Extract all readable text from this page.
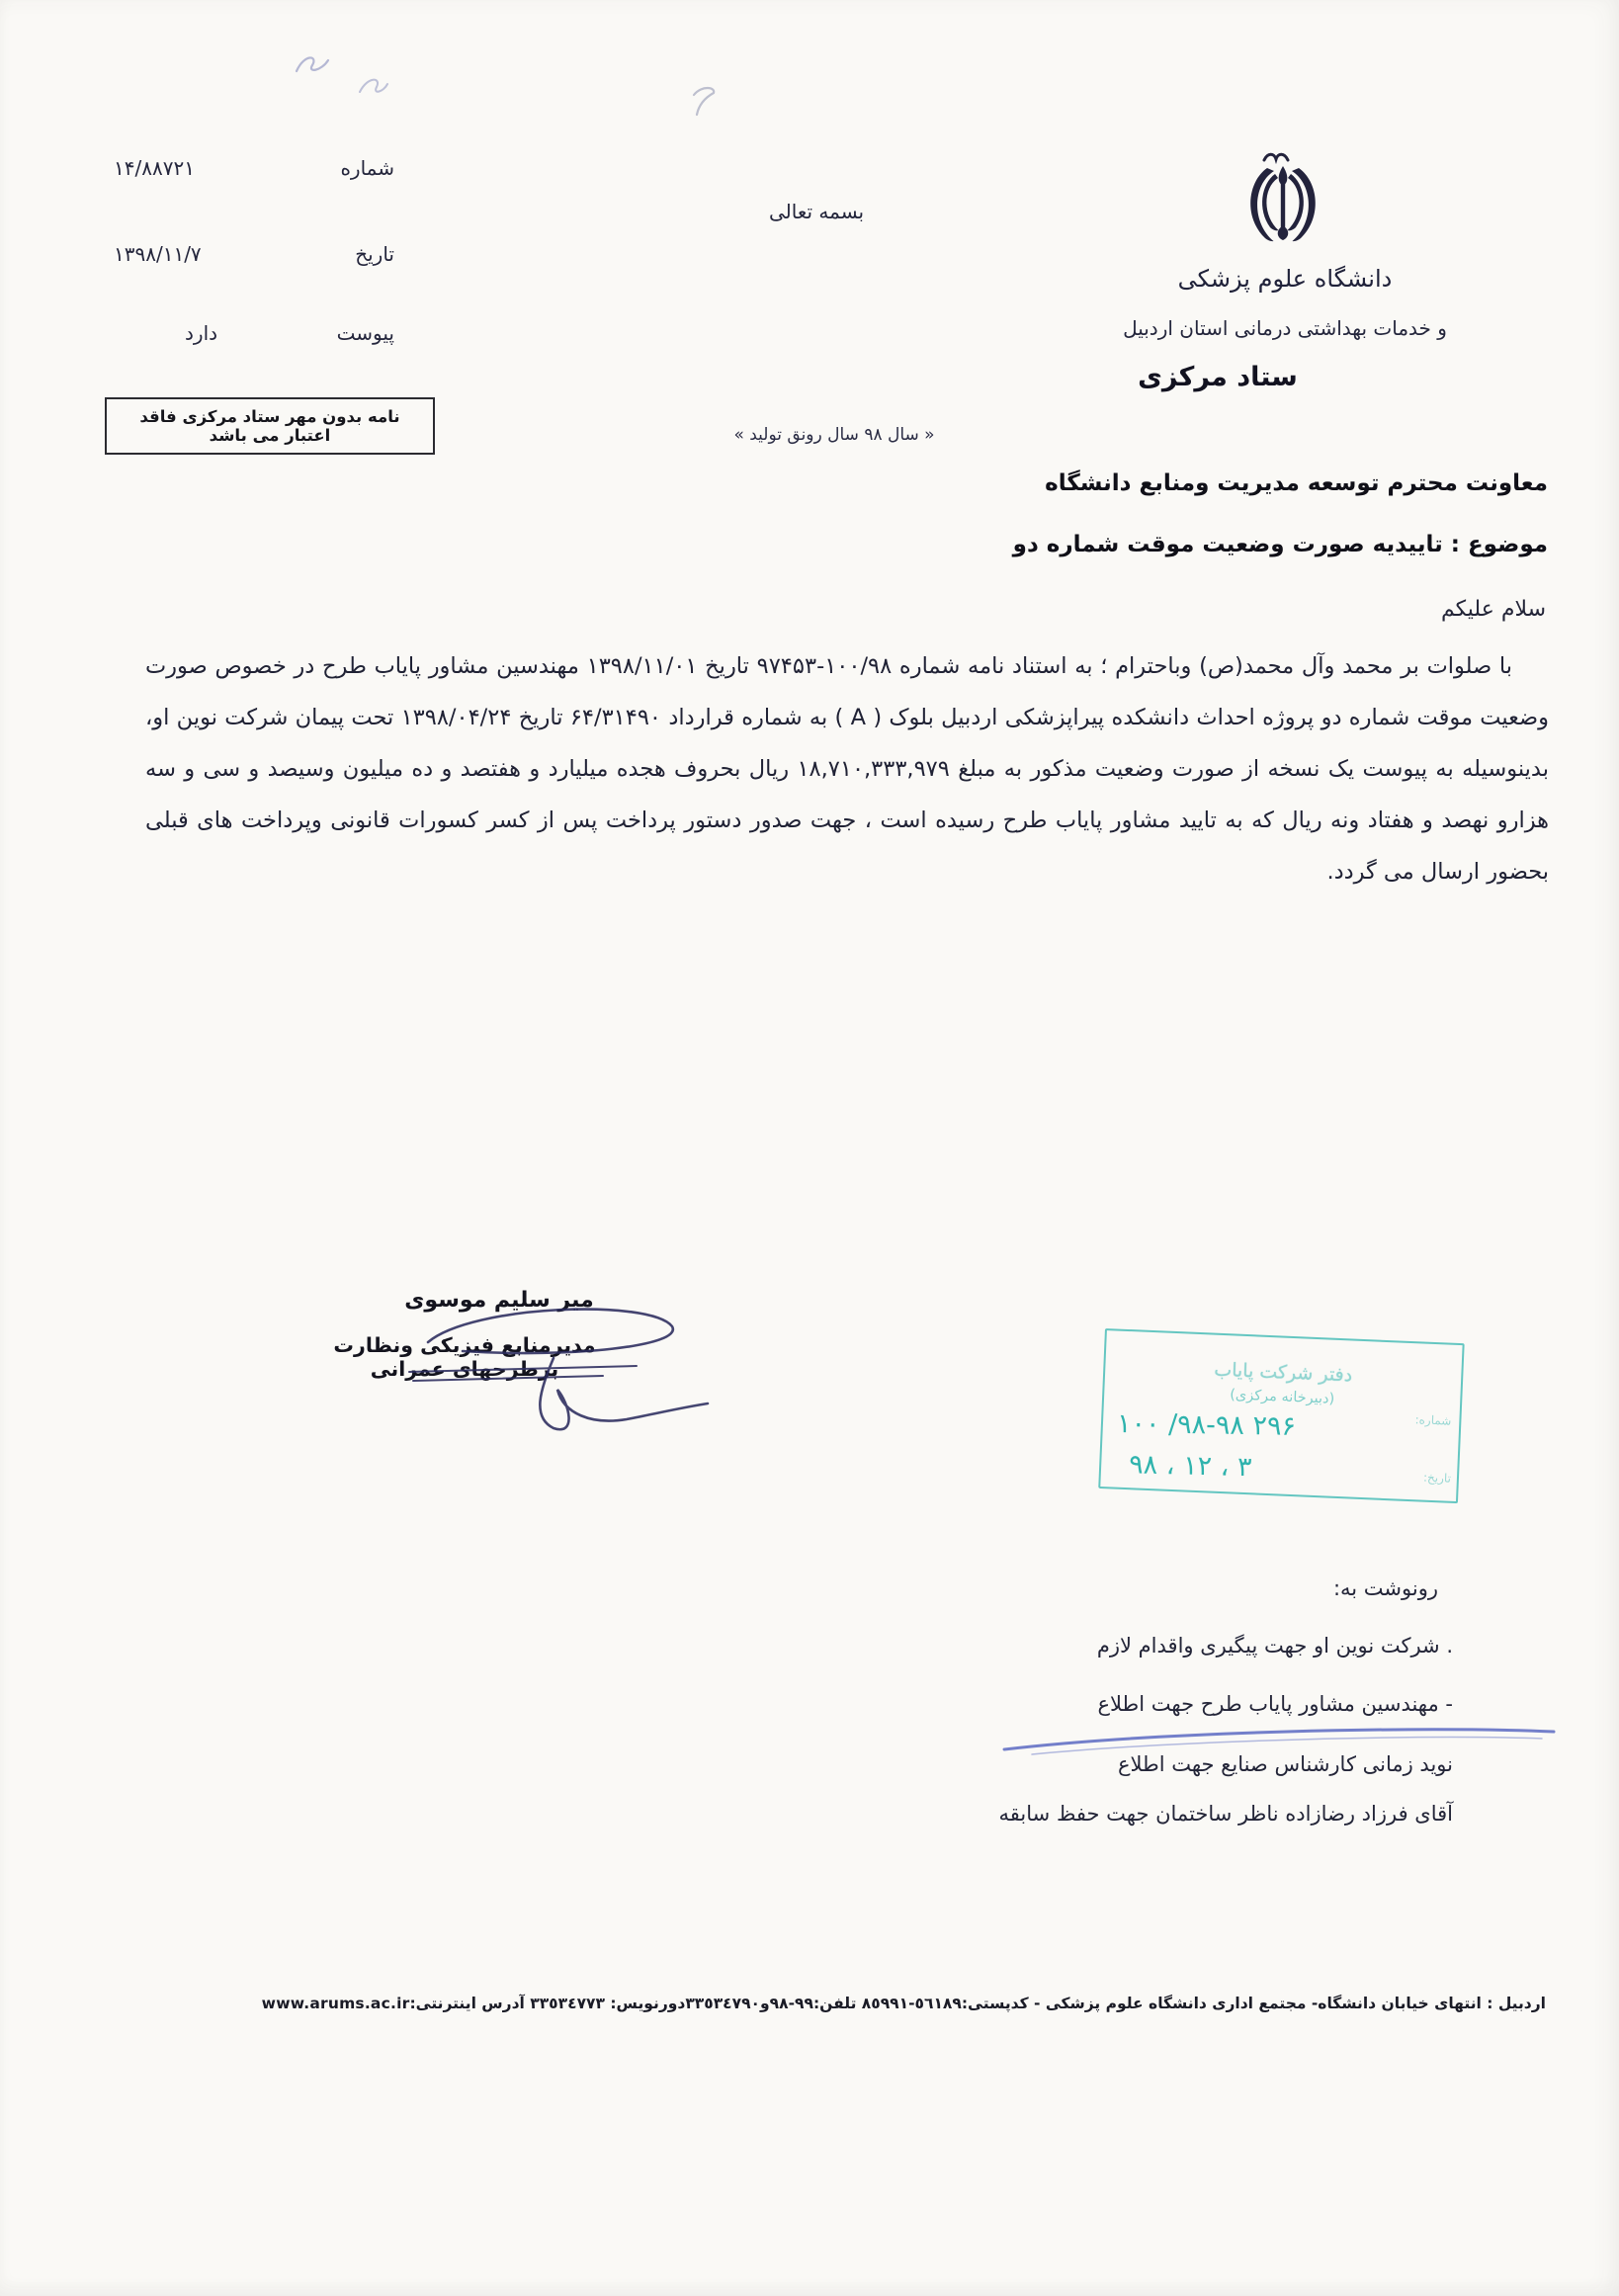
شماره
۱۴/۸۸۷۲۱
تاریخ
۱۳۹۸/۱۱/۷
پیوست
دارد
نامه بدون مهر ستاد مرکزی فاقد اعتبار می باشد
بسمه تعالی
دانشگاه علوم پزشکی
و خدمات بهداشتی درمانی استان اردبیل
ستاد مرکزی
« سال ۹۸ سال رونق تولید »
معاونت محترم توسعه مدیریت ومنابع دانشگاه
موضوع : تاییدیه صورت وضعیت موقت شماره دو
سلام علیکم

با صلوات بر محمد وآل محمد(ص) وباحترام ؛ به استناد نامه شماره ۱۰۰/۹۸-۹۷۴۵۳ تاریخ ۱۳۹۸/۱۱/۰۱ مهندسین مشاور پایاب طرح در خصوص صورت وضعیت موقت شماره دو پروژه احداث دانشکده پیراپزشکی اردبیل بلوک ( A ) به شماره قرارداد ۶۴/۳۱۴۹۰ تاریخ ۱۳۹۸/۰۴/۲۴ تحت پیمان شرکت نوین او، بدینوسیله به پیوست یک نسخه از صورت وضعیت مذکور به مبلغ ۱۸,۷۱۰,۳۳۳,۹۷۹ ریال بحروف هجده میلیارد و هفتصد و ده میلیون وسیصد و سی و سه هزارو نهصد و هفتاد ونه ریال که به تایید مشاور پایاب طرح رسیده است ، جهت صدور دستور پرداخت پس از کسر کسورات قانونی وپرداخت های قبلی بحضور ارسال می گردد.

میر سلیم موسوی
مدیرمنابع فیزیکی ونظارت برطرحهای عمرانی	دفتر شرکت پایاب
(دبیرخانه مرکزی)
۱۰۰ /۹۸-۹۸ ۲۹۶
۹۸ ، ۱۲ ، ۳
شماره:
تاریخ:
رونوشت به:
. شرکت نوین او جهت پیگیری واقدام لازم
- مهندسین مشاور پایاب طرح جهت اطلاع
نوید زمانی کارشناس صنایع جهت اطلاع
آقای فرزاد رضازاده ناظر ساختمان جهت حفظ سابقه
اردبیل : انتهای خیابان دانشگاه- مجتمع اداری دانشگاه علوم پزشکی - کدپستی:٥٦١٨٩-٨٥٩٩١ تلفن:۹۹-۹۸و۳۳٥۳٤۷۹۰دورنویس: ۳۳٥۳٤۷۷۳ آدرس اینترنتی:www.arums.ac.ir
